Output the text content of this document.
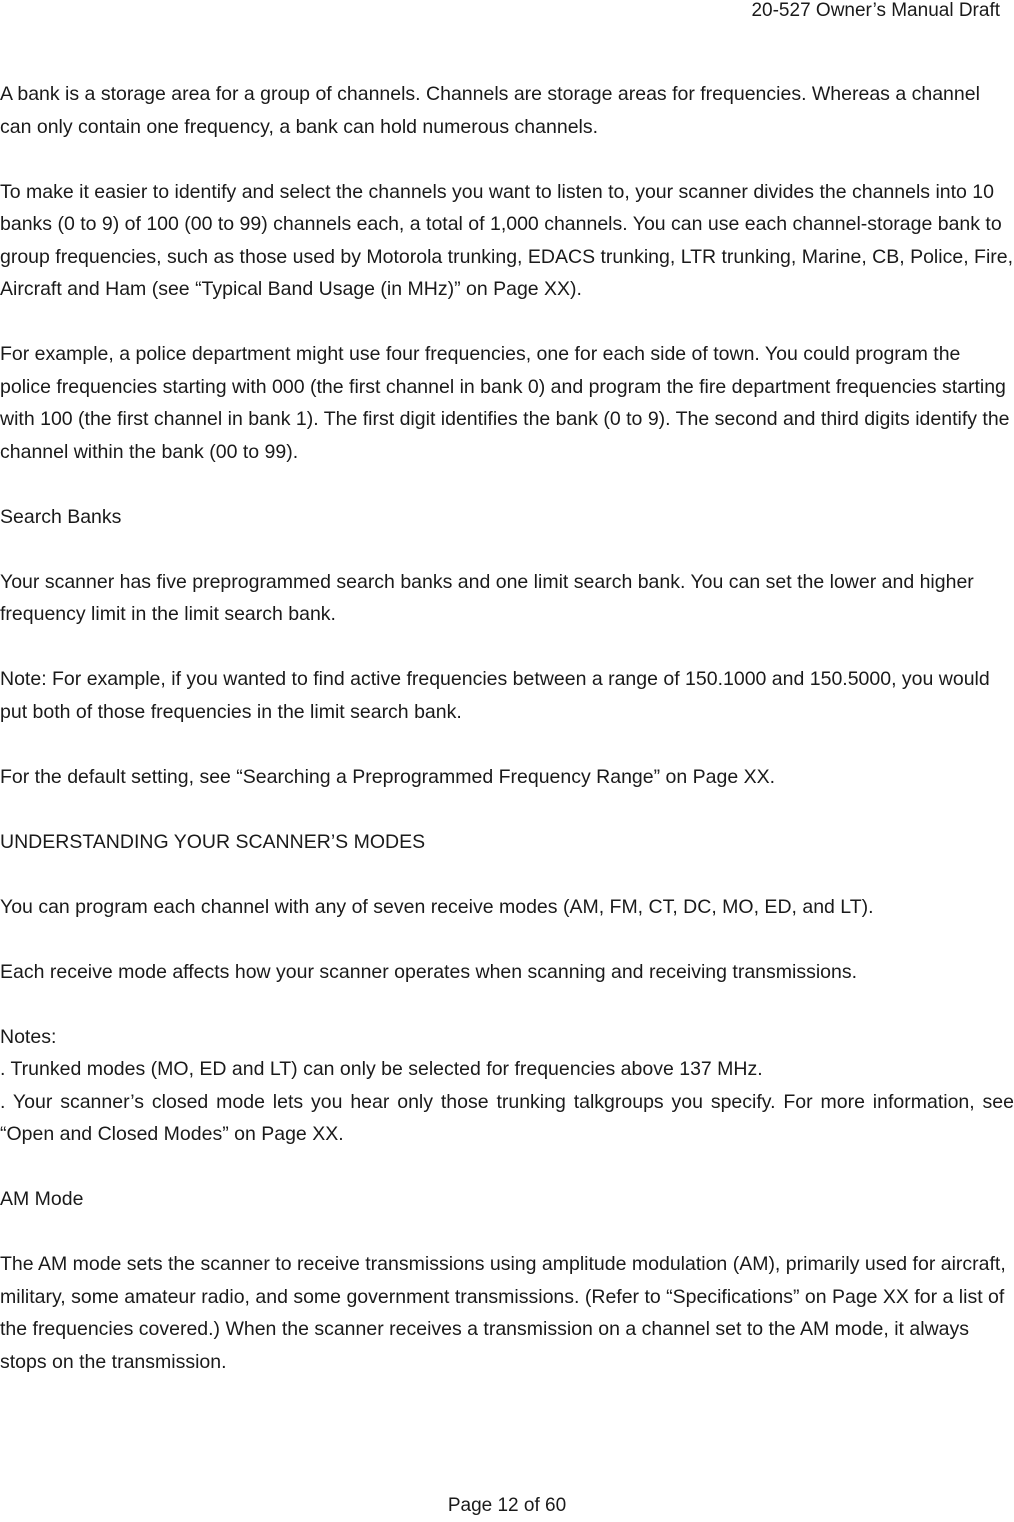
20-527 Owner’s Manual Draft

A bank is a storage area for a group of channels. Channels are storage areas for frequencies. Whereas a channel can only contain one frequency, a bank can hold numerous channels.

To make it easier to identify and select the channels you want to listen to, your scanner divides the channels into 10 banks (0 to 9) of 100 (00 to 99) channels each, a total of 1,000 channels. You can use each channel-storage bank to group frequencies, such as those used by Motorola trunking, EDACS trunking, LTR trunking, Marine, CB, Police, Fire, Aircraft and Ham (see “Typical Band Usage (in MHz)” on Page XX).

For example, a police department might use four frequencies, one for each side of town. You could program the police frequencies starting with 000 (the first channel in bank 0) and program the fire department frequencies starting with 100 (the first channel in bank 1). The first digit identifies the bank (0 to 9). The second and third digits identify the channel within the bank (00 to 99).

Search Banks

Your scanner has five preprogrammed search banks and one limit search bank. You can set the lower and higher frequency limit in the limit search bank.

Note: For example, if you wanted to find active frequencies between a range of 150.1000 and 150.5000, you would put both of those frequencies in the limit search bank.

For the default setting, see “Searching a Preprogrammed Frequency Range” on Page XX.

UNDERSTANDING YOUR SCANNER’S MODES

You can program each channel with any of seven receive modes (AM, FM, CT, DC, MO, ED, and LT).

Each receive mode affects how your scanner operates when scanning and receiving transmissions.

Notes:

. Trunked modes (MO, ED and LT) can only be selected for frequencies above 137 MHz.

. Your scanner’s closed mode lets you hear only those trunking talkgroups you specify. For more information, see “Open and Closed Modes” on Page XX.

AM Mode

The AM mode sets the scanner to receive transmissions using amplitude modulation (AM), primarily used for aircraft, military, some amateur radio, and some government transmissions. (Refer to “Specifications” on Page XX for a list of the frequencies covered.) When the scanner receives a transmission on a channel set to the AM mode, it always stops on the transmission.

Page 12 of 60
